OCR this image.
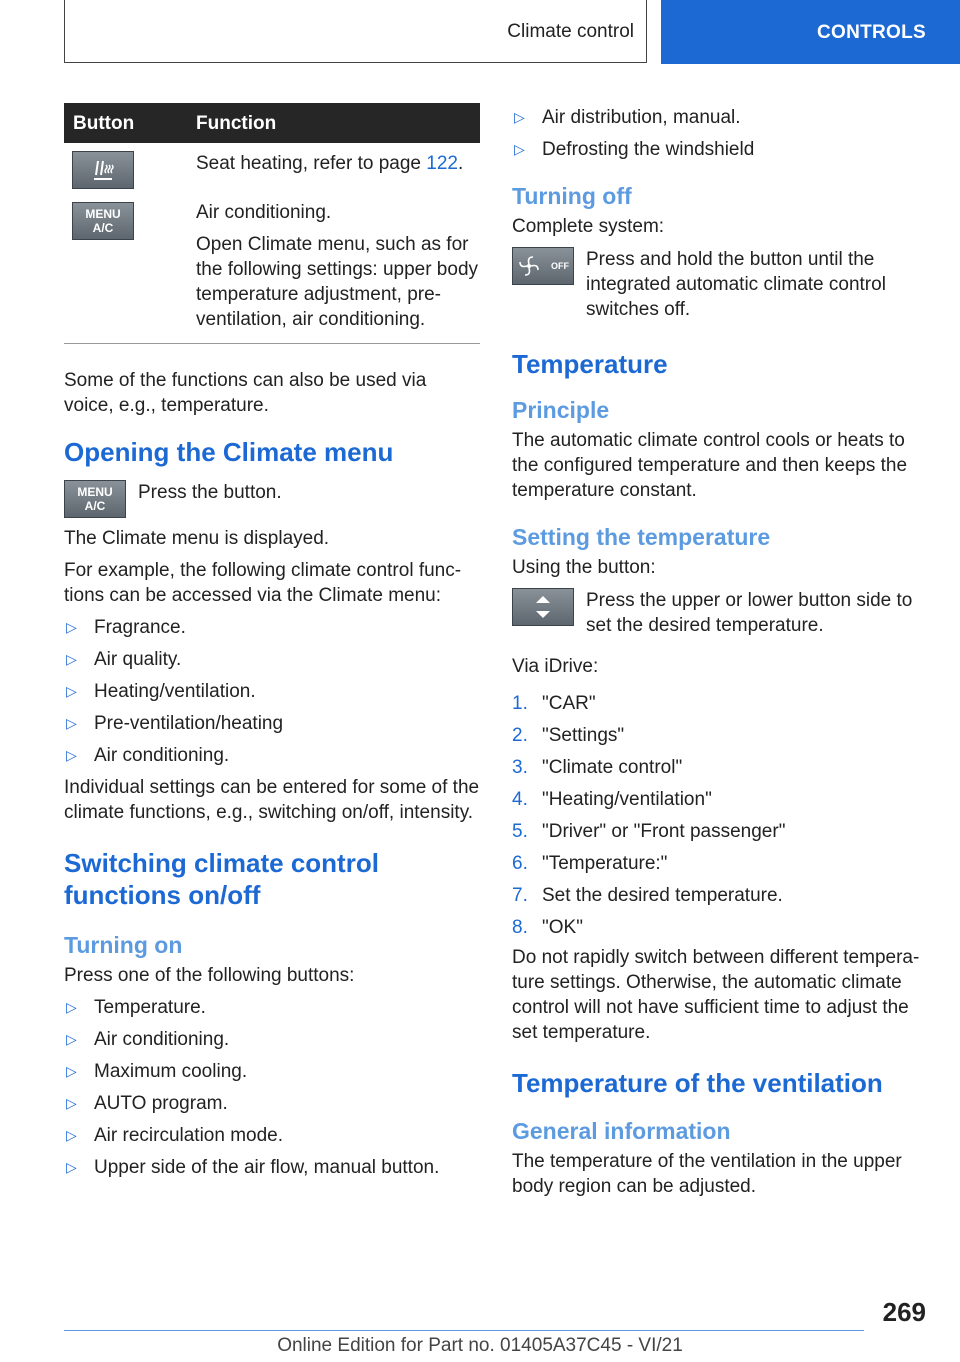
Climate control	CONTROLS
Button	Function

Seat heating, refer to page 122.

MENU
A/C

Air conditioning.

Open Climate menu, such as for the following settings: upper body temperature adjustment, pre-ventilation, air conditioning.

Some of the functions can also be used via voice, e.g., temperature.

Opening the Climate menu
MENU
A/C
Press the button.

The Climate menu is displayed.

For example, the following climate control functions can be accessed via the Climate menu:

▷ Fragrance.
▷ Air quality.
▷ Heating/ventilation.
▷ Pre-ventilation/heating
▷ Air conditioning.

Individual settings can be entered for some of the climate functions, e.g., switching on/off, intensity.

Switching climate control functions on/off
Turning on

Press one of the following buttons:

▷ Temperature.
▷ Air conditioning.
▷ Maximum cooling.
▷ AUTO program.
▷ Air recirculation mode.
▷ Upper side of the air flow, manual button.
▷ Air distribution, manual.
▷ Defrosting the windshield
Turning off

Complete system:

OFF Press and hold the button until the integrated automatic climate control switches off.
Temperature
Principle

The automatic climate control cools or heats to the configured temperature and then keeps the temperature constant.

Setting the temperature

Using the button:

Press the upper or lower button side to set the desired temperature.

Via iDrive:

1. "CAR"
2. "Settings"
3. "Climate control"
4. "Heating/ventilation"
5. "Driver" or "Front passenger"
6. "Temperature:"
7. Set the desired temperature.
8. "OK"

Do not rapidly switch between different temperature settings. Otherwise, the automatic climate control will not have sufficient time to adjust the set temperature.

Temperature of the ventilation
General information

The temperature of the ventilation in the upper body region can be adjusted.

269
Online Edition for Part no. 01405A37C45 - VI/21
